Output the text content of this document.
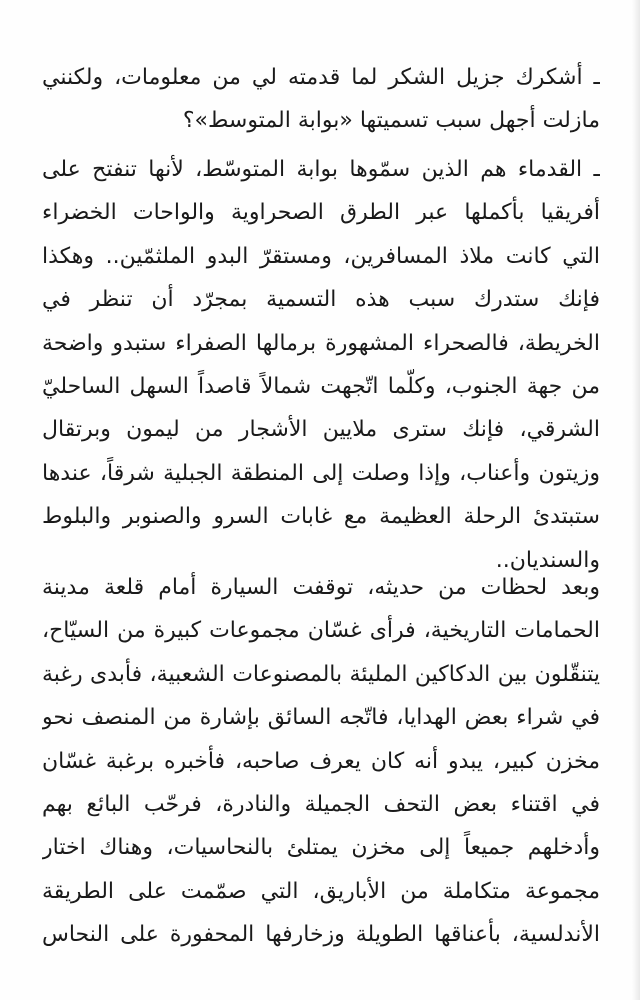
ـ أشكرك جزيل الشكر لما قدمته لي من معلومات، ولكنني
مازلت أجهل سبب تسميتها «بوابة المتوسط»؟

ـ القدماء هم الذين سمّوها بوابة المتوسّط، لأنها تنفتح على
أفريقيا بأكملها عبر الطرق الصحراوية والواحات الخضراء
التي كانت ملاذ المسافرين، ومستقرّ البدو الملثمّين.. وهكذا
فإنك ستدرك سبب هذه التسمية بمجرّد أن تنظر في
الخريطة، فالصحراء المشهورة برمالها الصفراء ستبدو واضحة
من جهة الجنوب، وكلّما اتّجهت شمالاً قاصداً السهل الساحليّ
الشرقي، فإنك سترى ملايين الأشجار من ليمون وبرتقال
وزيتون وأعناب، وإذا وصلت إلى المنطقة الجبلية شرقاً، عندها
ستبتدئ الرحلة العظيمة مع غابات السرو والصنوبر والبلوط
والسنديان..

وبعد لحظات من حديثه، توقفت السيارة أمام قلعة مدينة
الحمامات التاريخية، فرأى غسّان مجموعات كبيرة من السيّاح،
يتنقّلون بين الدكاكين المليئة بالمصنوعات الشعبية، فأبدى رغبة
في شراء بعض الهدايا، فاتّجه السائق بإشارة من المنصف نحو
مخزن كبير، يبدو أنه كان يعرف صاحبه، فأخبره برغبة غسّان
في اقتناء بعض التحف الجميلة والنادرة، فرحّب البائع بهم
وأدخلهم جميعاً إلى مخزن يمتلئ بالنحاسيات، وهناك اختار
مجموعة متكاملة من الأباريق، التي صمّمت على الطريقة
الأندلسية، بأعناقها الطويلة وزخارفها المحفورة على النحاس
